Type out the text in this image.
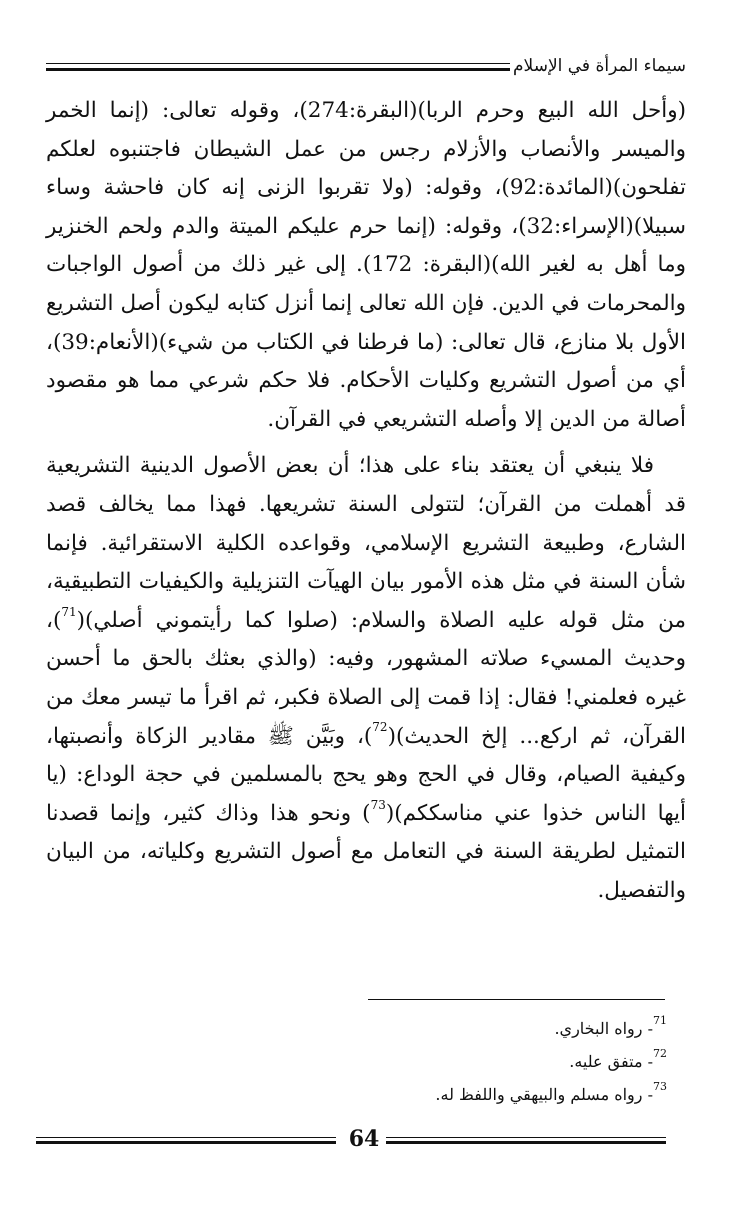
سيماء المرأة في الإسلام

(وأحل الله البيع وحرم الربا)(البقرة:274)، وقوله تعالى: (إنما الخمر والميسر والأنصاب والأزلام رجس من عمل الشيطان فاجتنبوه لعلكم تفلحون)(المائدة:92)، وقوله: (ولا تقربوا الزنى إنه كان فاحشة وساء سبيلا)(الإسراء:32)، وقوله: (إنما حرم عليكم الميتة والدم ولحم الخنزير وما أهل به لغير الله)(البقرة: 172). إلى غير ذلك من أصول الواجبات والمحرمات في الدين. فإن الله تعالى إنما أنزل كتابه ليكون أصل التشريع الأول بلا منازع، قال تعالى: (ما فرطنا في الكتاب من شيء)(الأنعام:39)، أي من أصول التشريع وكليات الأحكام. فلا حكم شرعي مما هو مقصود أصالة من الدين إلا وأصله التشريعي في القرآن.

فلا ينبغي أن يعتقد بناء على هذا؛ أن بعض الأصول الدينية التشريعية قد أهملت من القرآن؛ لتتولى السنة تشريعها. فهذا مما يخالف قصد الشارع، وطبيعة التشريع الإسلامي، وقواعده الكلية الاستقرائية. فإنما شأن السنة في مثل هذه الأمور بيان الهيآت التنزيلية والكيفيات التطبيقية، من مثل قوله عليه الصلاة والسلام: (صلوا كما رأيتموني أصلي)($^{71}$)، وحديث المسيء صلاته المشهور، وفيه: (والذي بعثك بالحق ما أحسن غيره فعلمني! فقال: إذا قمت إلى الصلاة فكبر، ثم اقرأ ما تيسر معك من القرآن، ثم اركع... إلخ الحديث)($^{72}$)، وبَيَّن ﷺ مقادير الزكاة وأنصبتها، وكيفية الصيام، وقال في الحج وهو يحج بالمسلمين في حجة الوداع: (يا أيها الناس خذوا عني مناسككم)($^{73}$) ونحو هذا وذاك كثير، وإنما قصدنا التمثيل لطريقة السنة في التعامل مع أصول التشريع وكلياته، من البيان والتفصيل.

$^{71}$- رواه البخاري.
$^{72}$- متفق عليه.
$^{73}$- رواه مسلم والبيهقي واللفظ له.
64
